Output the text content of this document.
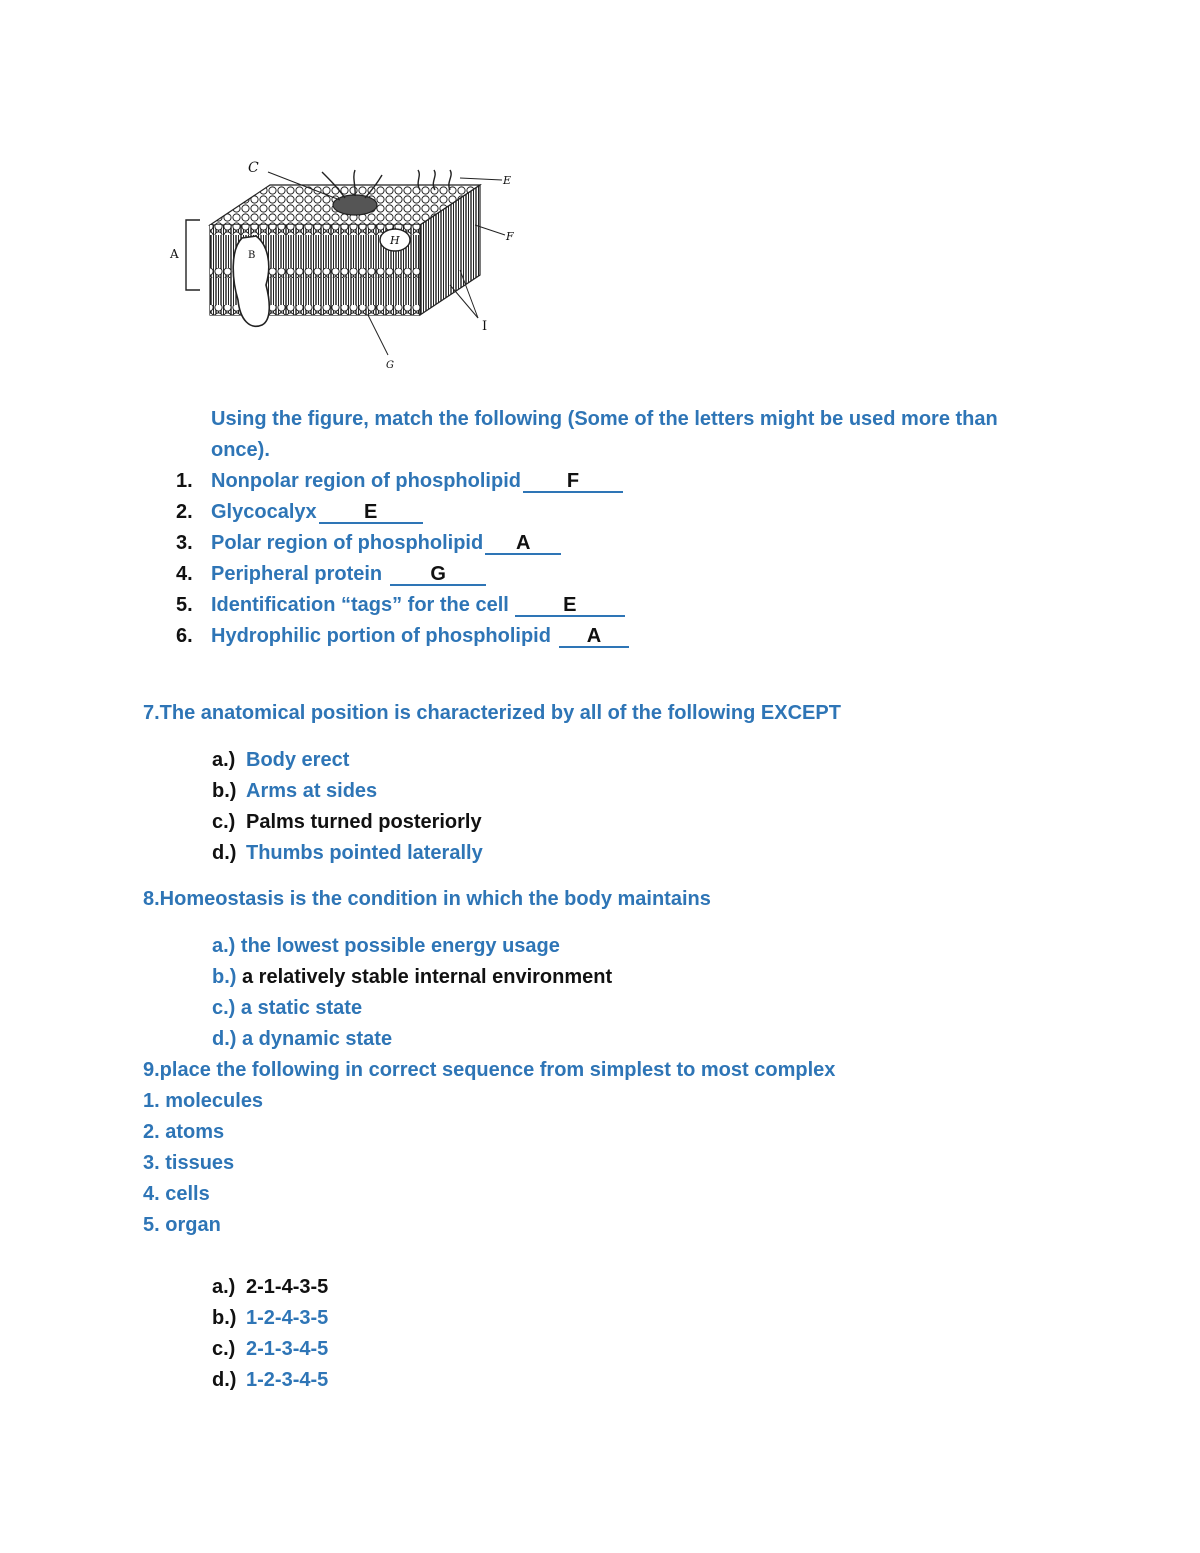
C
E
F
A	B
H
I
G
Using the figure, match the following (Some of the letters might be used more than
once).
1. Nonpolar region of phospholipid F
2. Glycocalyx E
3. Polar region of phospholipid A
4. Peripheral protein G
5. Identification “tags” for the cell	E
6. Hydrophilic portion of phospholipid A
7.The anatomical position is characterized by all of the following EXCEPT
a.) Body erect
b.) Arms at sides
c.) Palms turned posteriorly
d.) Thumbs pointed laterally
8.Homeostasis is the condition in which the body maintains
a.) the lowest possible energy usage
b.) a relatively stable internal environment
c.) a static state
d.) a dynamic state
9.place the following in correct sequence from simplest to most complex
1. molecules
2. atoms
3. tissues
4. cells
5. organ
a.) 2-1-4-3-5
b.) 1-2-4-3-5
c.) 2-1-3-4-5
d.) 1-2-3-4-5
